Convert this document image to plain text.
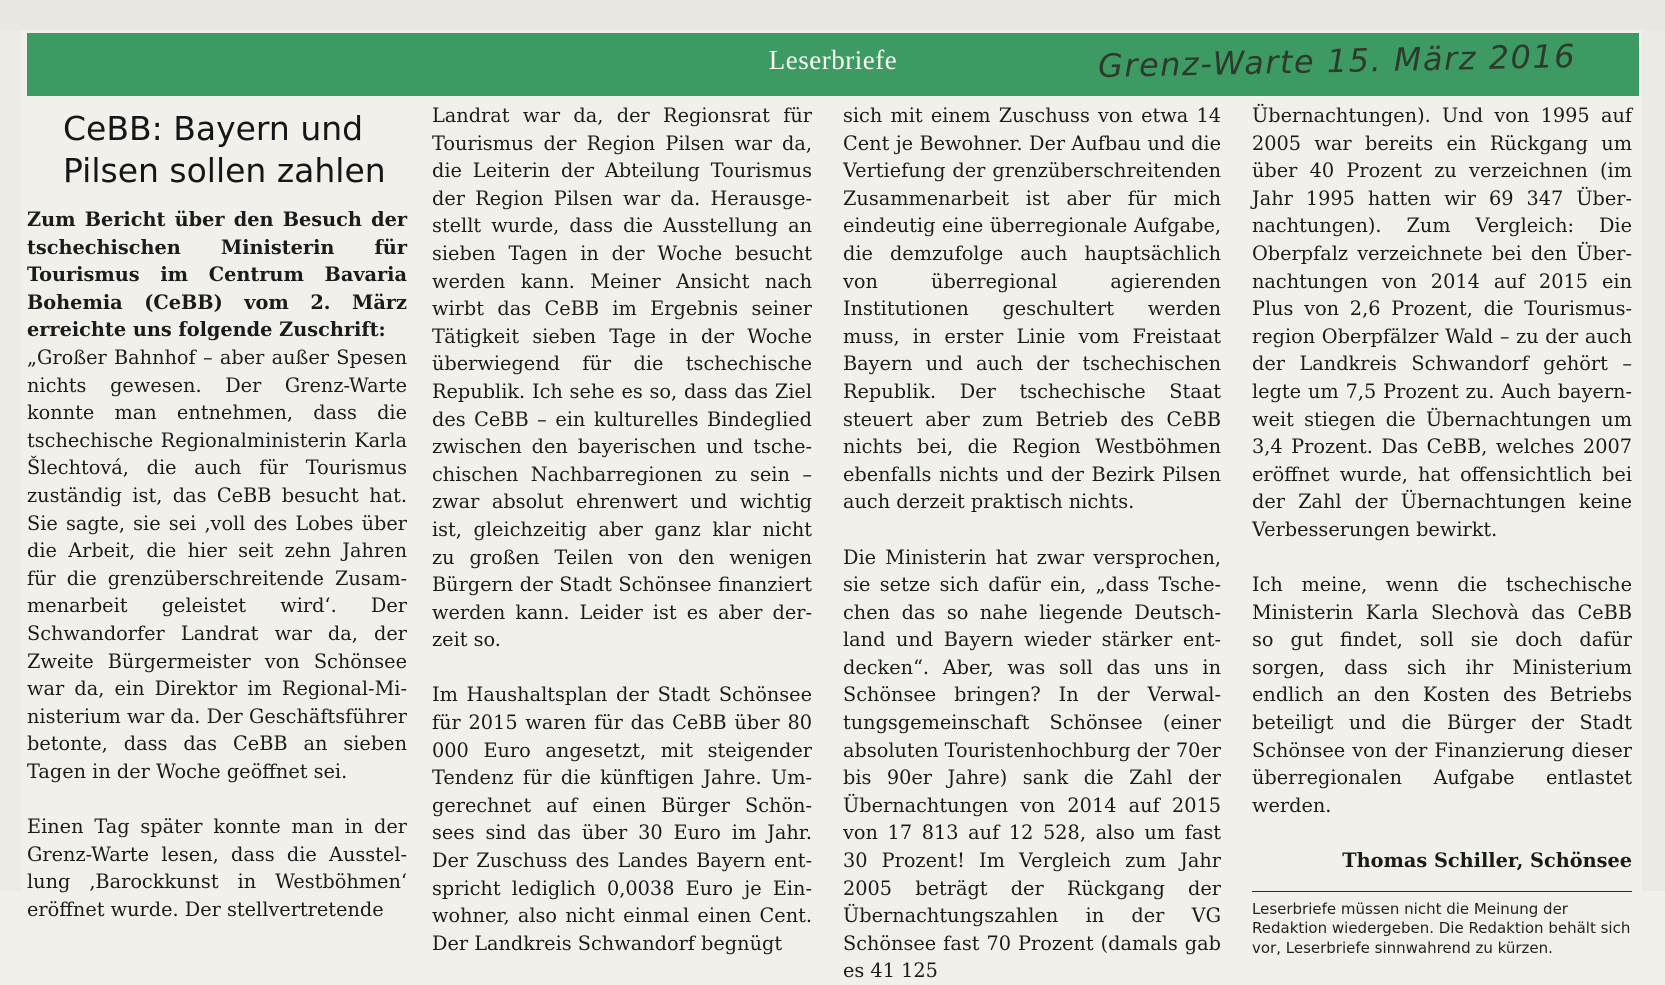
Leserbriefe	Grenz-Warte 15. März 2016
CeBB: Bayern und Pilsen sollen zahlen

Zum Bericht über den Besuch der tschechischen Ministerin für Tourismus im Centrum Bavaria Bohemia (CeBB) vom 2. März erreichte uns folgende Zuschrift:

„Großer Bahnhof – aber außer Spesen nichts gewesen. Der Grenz-Warte konnte man entnehmen, dass die tschechische Regionalministerin Karla Šlechtová, die auch für Tourismus zuständig ist, das CeBB besucht hat. Sie sagte, sie sei ‚voll des Lobes über die Arbeit, die hier seit zehn Jahren für die grenzüberschreitende Zusammenarbeit geleistet wird‘. Der Schwandorfer Landrat war da, der Zweite Bürgermeister von Schönsee war da, ein Direktor im Regional-Ministerium war da. Der Geschäftsführer betonte, dass das CeBB an sieben Tagen in der Woche geöffnet sei.

Einen Tag später konnte man in der Grenz-Warte lesen, dass die Ausstellung ‚Barockkunst in Westböhmen‘ eröffnet wurde. Der stellvertretende

Landrat war da, der Regionsrat für Tourismus der Region Pilsen war da, die Leiterin der Abteilung Tourismus der Region Pilsen war da. Herausgestellt wurde, dass die Ausstellung an sieben Tagen in der Woche besucht werden kann. Meiner Ansicht nach wirbt das CeBB im Ergebnis seiner Tätigkeit sieben Tage in der Woche überwiegend für die tschechische Republik. Ich sehe es so, dass das Ziel des CeBB – ein kulturelles Bindeglied zwischen den bayerischen und tschechischen Nachbarregionen zu sein – zwar absolut ehrenwert und wichtig ist, gleichzeitig aber ganz klar nicht zu großen Teilen von den wenigen Bürgern der Stadt Schönsee finanziert werden kann. Leider ist es aber derzeit so.

Im Haushaltsplan der Stadt Schönsee für 2015 waren für das CeBB über 80 000 Euro angesetzt, mit steigender Tendenz für die künftigen Jahre. Umgerechnet auf einen Bürger Schönsees sind das über 30 Euro im Jahr. Der Zuschuss des Landes Bayern entspricht lediglich 0,0038 Euro je Einwohner, also nicht einmal einen Cent. Der Landkreis Schwandorf begnügt

sich mit einem Zuschuss von etwa 14 Cent je Bewohner. Der Aufbau und die Vertiefung der grenzüberschreitenden Zusammenarbeit ist aber für mich eindeutig eine überregionale Aufgabe, die demzufolge auch hauptsächlich von überregional agierenden Institutionen geschultert werden muss, in erster Linie vom Freistaat Bayern und auch der tschechischen Republik. Der tschechische Staat steuert aber zum Betrieb des CeBB nichts bei, die Region Westböhmen ebenfalls nichts und der Bezirk Pilsen auch derzeit praktisch nichts.

Die Ministerin hat zwar versprochen, sie setze sich dafür ein, „dass Tschechen das so nahe liegende Deutschland und Bayern wieder stärker entdecken“. Aber, was soll das uns in Schönsee bringen? In der Verwaltungsgemeinschaft Schönsee (einer absoluten Touristenhochburg der 70er bis 90er Jahre) sank die Zahl der Übernachtungen von 2014 auf 2015 von 17 813 auf 12 528, also um fast 30 Prozent! Im Vergleich zum Jahr 2005 beträgt der Rückgang der Übernachtungszahlen in der VG Schönsee fast 70 Prozent (damals gab es 41 125

Übernachtungen). Und von 1995 auf 2005 war bereits ein Rückgang um über 40 Prozent zu verzeichnen (im Jahr 1995 hatten wir 69 347 Übernachtungen). Zum Vergleich: Die Oberpfalz verzeichnete bei den Übernachtungen von 2014 auf 2015 ein Plus von 2,6 Prozent, die Tourismusregion Oberpfälzer Wald – zu der auch der Landkreis Schwandorf gehört – legte um 7,5 Prozent zu. Auch bayernweit stiegen die Übernachtungen um 3,4 Prozent. Das CeBB, welches 2007 eröffnet wurde, hat offensichtlich bei der Zahl der Übernachtungen keine Verbesserungen bewirkt.

Ich meine, wenn die tschechische Ministerin Karla Slechovà das CeBB so gut findet, soll sie doch dafür sorgen, dass sich ihr Ministerium endlich an den Kosten des Betriebs beteiligt und die Bürger der Stadt Schönsee von der Finanzierung dieser überregionalen Aufgabe entlastet werden.

Thomas Schiller, Schönsee

Leserbriefe müssen nicht die Meinung der Redaktion wiedergeben. Die Redaktion behält sich vor, Leserbriefe sinnwahrend zu kürzen.
